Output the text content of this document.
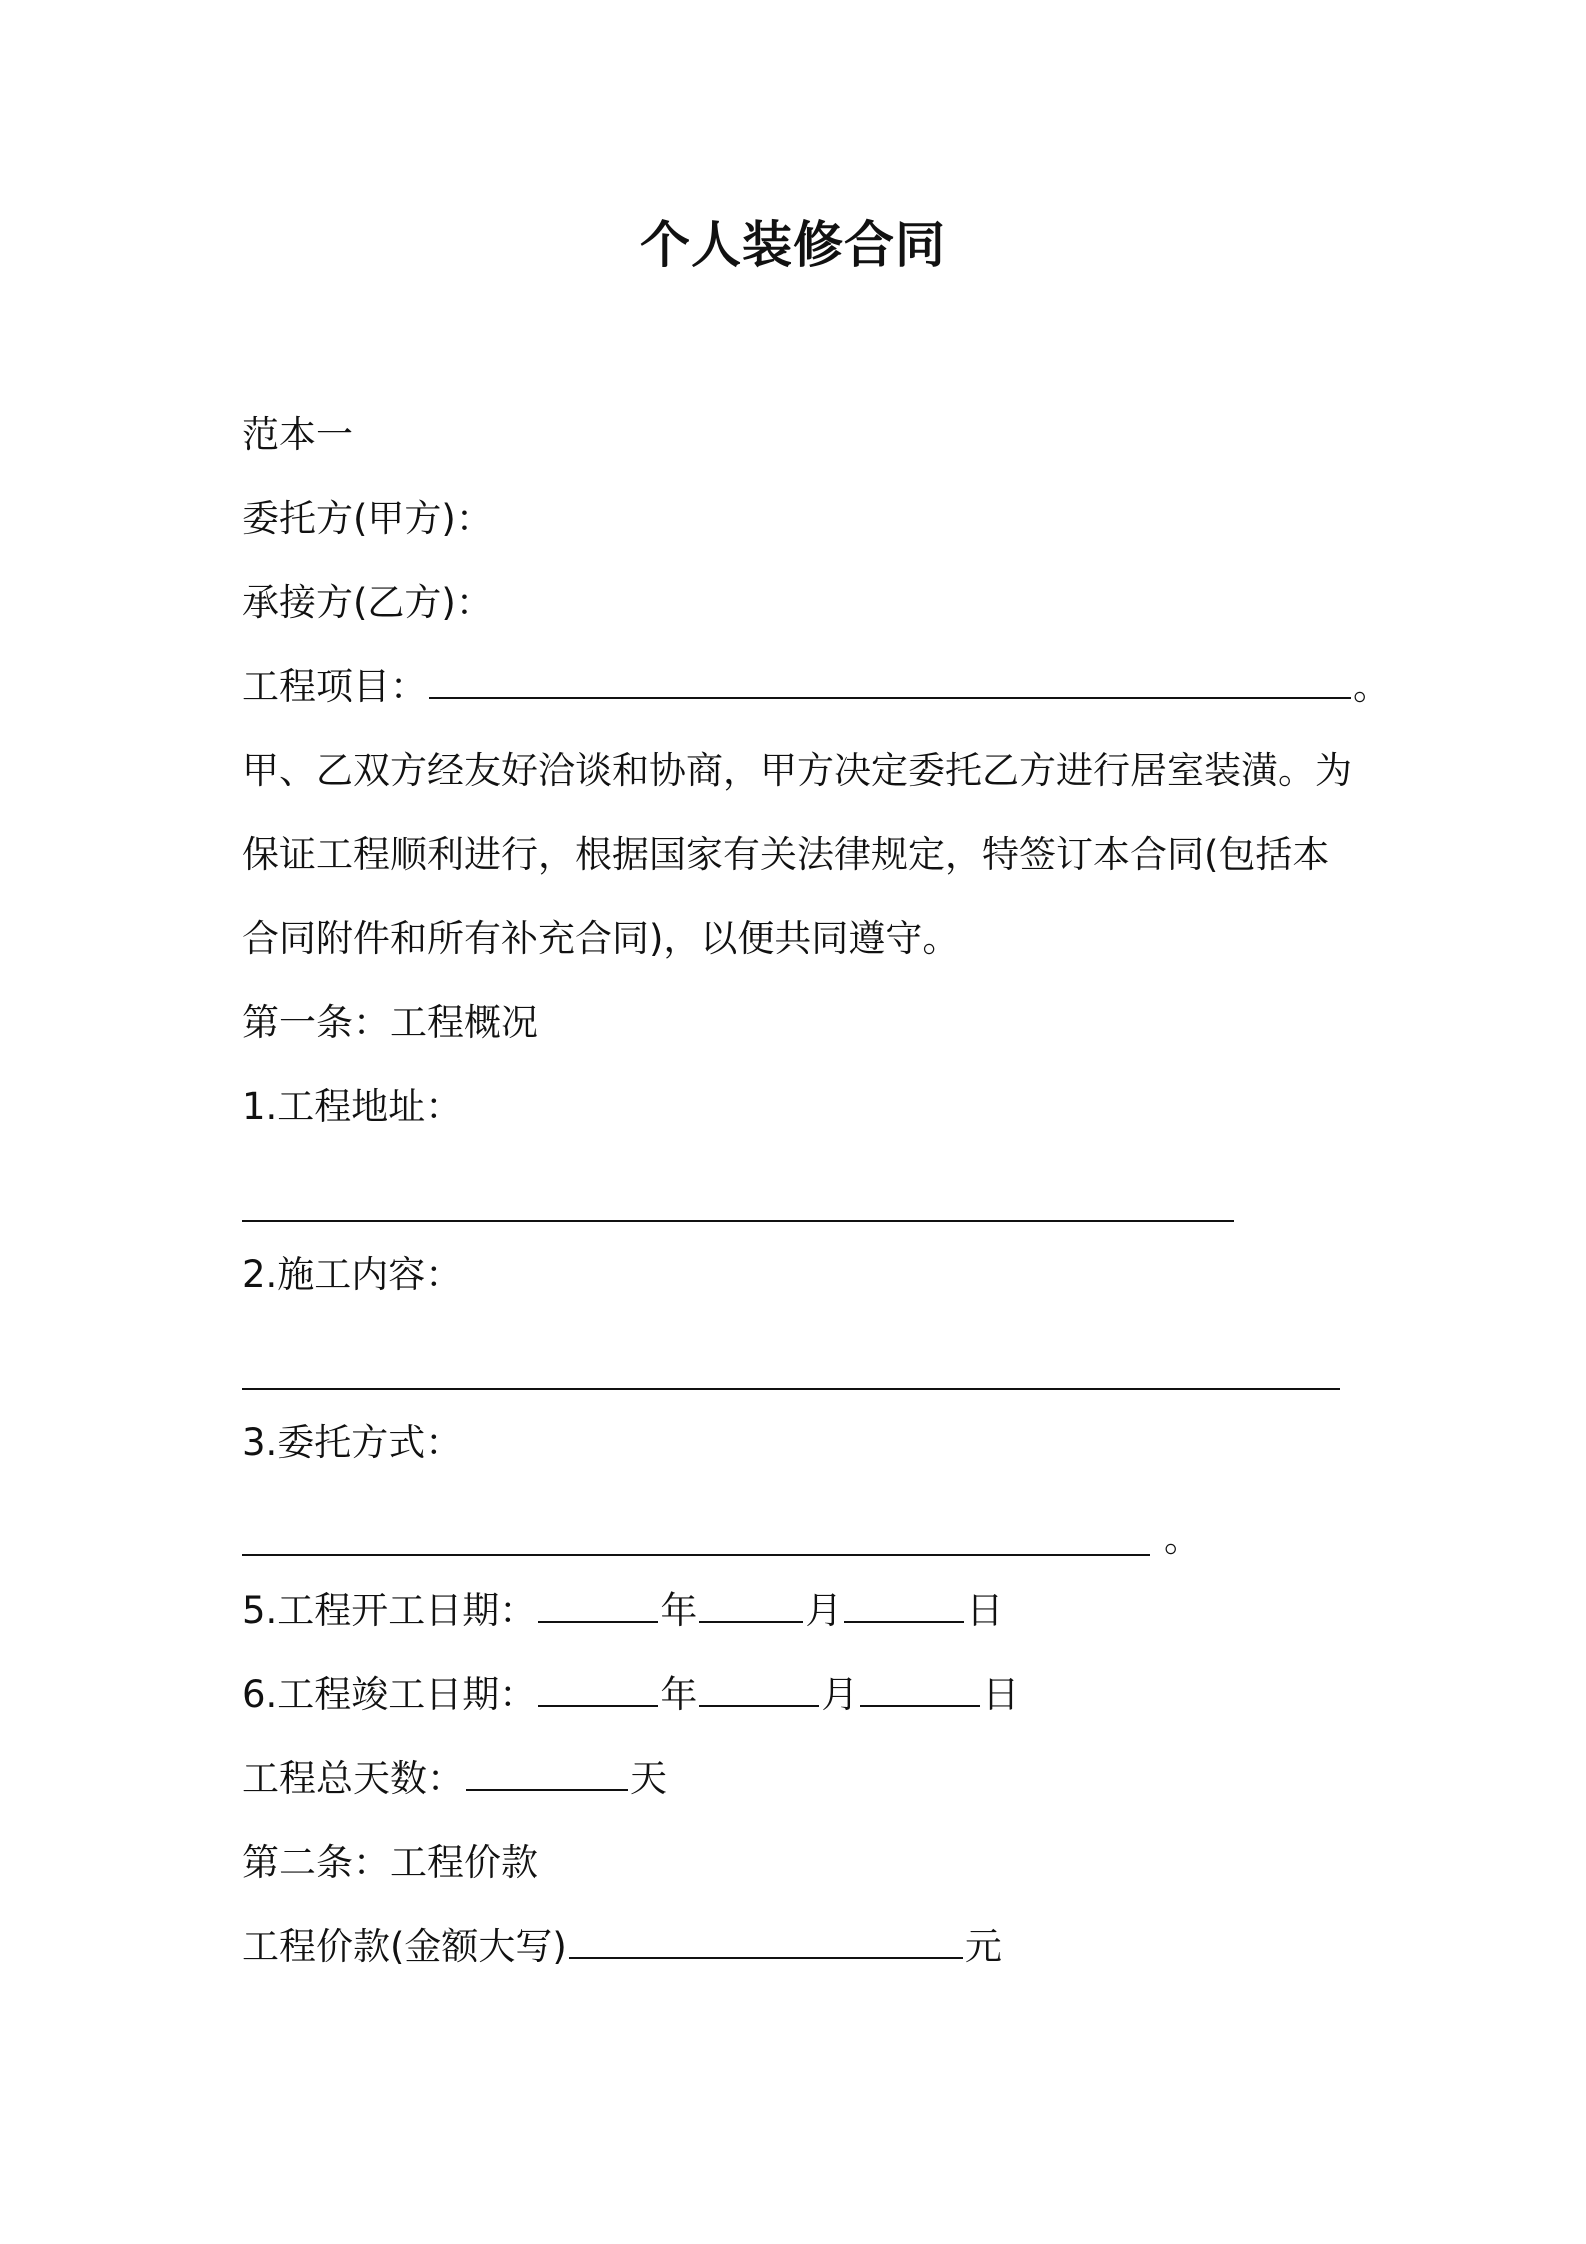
个人装修合同
范本一
委托方(甲方)：
承接方(乙方)：
工程项目：	。
甲、乙双方经友好洽谈和协商，甲方决定委托乙方进行居室装潢。为
保证工程顺利进行，根据国家有关法律规定，特签订本合同(包括本
合同附件和所有补充合同)，以便共同遵守。
第一条：工程概况
1.工程地址：
2.施工内容：
3.委托方式：
。
5.工程开工日期：	年	月	日
6.工程竣工日期：	年	月	日
工程总天数：	天
第二条：工程价款
工程价款(金额大写)	元
